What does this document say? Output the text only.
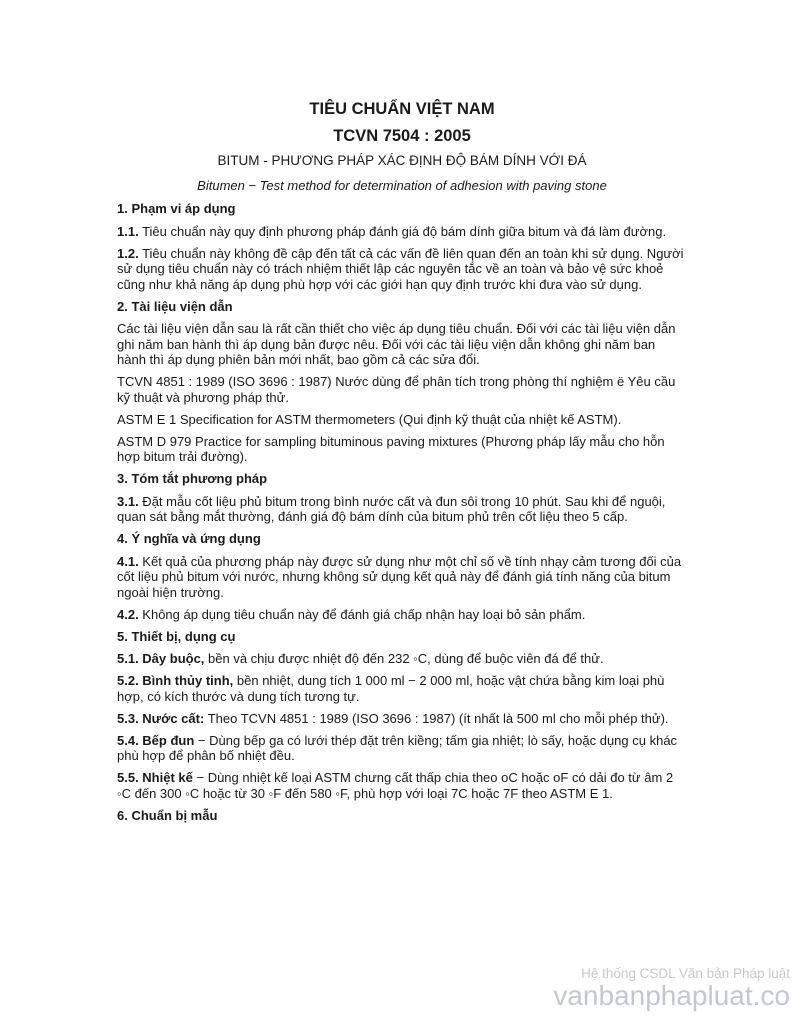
TIÊU CHUẨN VIỆT NAM
TCVN 7504 : 2005
BITUM - PHƯƠNG PHÁP XÁC ĐỊNH ĐỘ BÁM DÍNH VỚI ĐÁ
Bitumen − Test method for determination of adhesion with paving stone
1. Phạm vi áp dụng

1.1. Tiêu chuẩn này quy định phương pháp đánh giá độ bám dính giữa bitum và đá làm đường.

1.2. Tiêu chuẩn này không đề cập đến tất cả các vấn đề liên quan đến an toàn khi sử dụng. Người sử dụng tiêu chuẩn này có trách nhiệm thiết lập các nguyên tắc về an toàn và bảo vệ sức khoẻ cũng như khả năng áp dụng phù hợp với các giới hạn quy định trước khi đưa vào sử dụng.

2. Tài liệu viện dẫn

Các tài liệu viện dẫn sau là rất cần thiết cho việc áp dụng tiêu chuẩn. Đối với các tài liệu viện dẫn ghi năm ban hành thì áp dụng bản được nêu. Đối với các tài liệu viện dẫn không ghi năm ban hành thì áp dụng phiên bản mới nhất, bao gồm cả các sửa đổi.

TCVN 4851 : 1989 (ISO 3696 : 1987) Nước dùng để phân tích trong phòng thí nghiệm ë Yêu cầu kỹ thuật và phương pháp thử.

ASTM E 1 Specification for ASTM thermometers (Qui định kỹ thuật của nhiệt kế ASTM).

ASTM D 979 Practice for sampling bituminous paving mixtures (Phương pháp lấy mẫu cho hỗn hợp bitum trải đường).

3. Tóm tắt phương pháp

3.1. Đặt mẫu cốt liệu phủ bitum trong bình nước cất và đun sôi trong 10 phút. Sau khi để nguội, quan sát bằng mắt thường, đánh giá độ bám dính của bitum phủ trên cốt liệu theo 5 cấp.

4. Ý nghĩa và ứng dụng

4.1. Kết quả của phương pháp này được sử dụng như một chỉ số về tính nhạy cảm tương đối của cốt liệu phủ bitum với nước, nhưng không sử dụng kết quả này để đánh giá tính năng của bitum ngoài hiện trường.

4.2. Không áp dụng tiêu chuẩn này để đánh giá chấp nhận hay loại bỏ sản phẩm.

5. Thiết bị, dụng cụ

5.1. Dây buộc, bền và chịu được nhiệt độ đến 232 ◦C, dùng để buộc viên đá để thử.

5.2. Bình thủy tinh, bền nhiệt, dung tích 1 000 ml − 2 000 ml, hoặc vật chứa bằng kim loại phù hợp, có kích thước và dung tích tương tự.

5.3. Nước cất: Theo TCVN 4851 : 1989 (ISO 3696 : 1987) (ít nhất là 500 ml cho mỗi phép thử).

5.4. Bếp đun − Dùng bếp ga có lưới thép đặt trên kiềng; tấm gia nhiệt; lò sấy, hoặc dụng cụ khác phù hợp để phân bố nhiệt đều.

5.5. Nhiệt kế − Dùng nhiệt kế loại ASTM chưng cất thấp chia theo oC hoặc oF có dải đo từ âm 2 ◦C đến 300 ◦C hoặc từ 30 ◦F đến 580 ◦F, phù hợp với loại 7C hoặc 7F theo ASTM E 1.

6. Chuẩn bị mẫu
Hệ thống CSDL Văn bản Pháp luật
vanbanphapluat.co
